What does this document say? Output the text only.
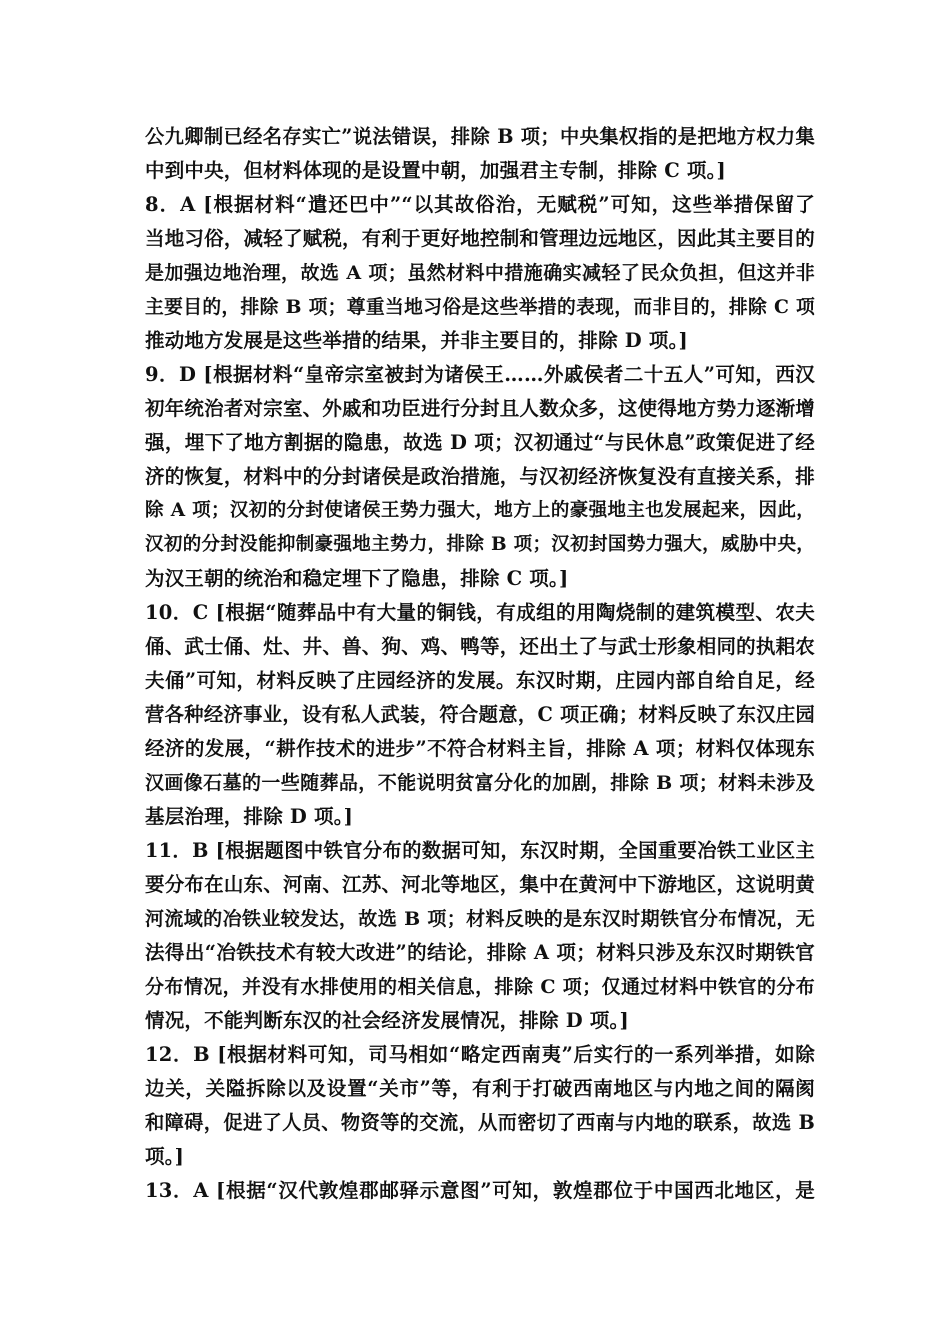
公九卿制已经名存实亡”说法错误，排除 B 项；中央集权指的是把地方权力集
中到中央，但材料体现的是设置中朝，加强君主专制，排除 C 项。]
8．A [根据材料“遣还巴中”“以其故俗治，无赋税”可知，这些举措保留了
当地习俗，减轻了赋税，有利于更好地控制和管理边远地区，因此其主要目的
是加强边地治理，故选 A 项；虽然材料中措施确实减轻了民众负担，但这并非
主要目的，排除 B 项；尊重当地习俗是这些举措的表现，而非目的，排除 C 项
推动地方发展是这些举措的结果，并非主要目的，排除 D 项。]
9．D [根据材料“皇帝宗室被封为诸侯王……外戚侯者二十五人”可知，西汉
初年统治者对宗室、外戚和功臣进行分封且人数众多，这使得地方势力逐渐增
强，埋下了地方割据的隐患，故选 D 项；汉初通过“与民休息”政策促进了经
济的恢复，材料中的分封诸侯是政治措施，与汉初经济恢复没有直接关系，排
除 A 项；汉初的分封使诸侯王势力强大，地方上的豪强地主也发展起来，因此，
汉初的分封没能抑制豪强地主势力，排除 B 项；汉初封国势力强大，威胁中央，
为汉王朝的统治和稳定埋下了隐患，排除 C 项。]
10．C [根据“随葬品中有大量的铜钱，有成组的用陶烧制的建筑模型、农夫
俑、武士俑、灶、井、兽、狗、鸡、鸭等，还出土了与武士形象相同的执耜农
夫俑”可知，材料反映了庄园经济的发展。东汉时期，庄园内部自给自足，经
营各种经济事业，设有私人武装，符合题意，C 项正确；材料反映了东汉庄园
经济的发展，“耕作技术的进步”不符合材料主旨，排除 A 项；材料仅体现东
汉画像石墓的一些随葬品，不能说明贫富分化的加剧，排除 B 项；材料未涉及
基层治理，排除 D 项。]
11．B [根据题图中铁官分布的数据可知，东汉时期，全国重要冶铁工业区主
要分布在山东、河南、江苏、河北等地区，集中在黄河中下游地区，这说明黄
河流域的冶铁业较发达，故选 B 项；材料反映的是东汉时期铁官分布情况，无
法得出“冶铁技术有较大改进”的结论，排除 A 项；材料只涉及东汉时期铁官
分布情况，并没有水排使用的相关信息，排除 C 项；仅通过材料中铁官的分布
情况，不能判断东汉的社会经济发展情况，排除 D 项。]
12．B [根据材料可知，司马相如“略定西南夷”后实行的一系列举措，如除
边关，关隘拆除以及设置“关市”等，有利于打破西南地区与内地之间的隔阂
和障碍，促进了人员、物资等的交流，从而密切了西南与内地的联系，故选 B
项。]
13．A [根据“汉代敦煌郡邮驿示意图”可知，敦煌郡位于中国西北地区，是
